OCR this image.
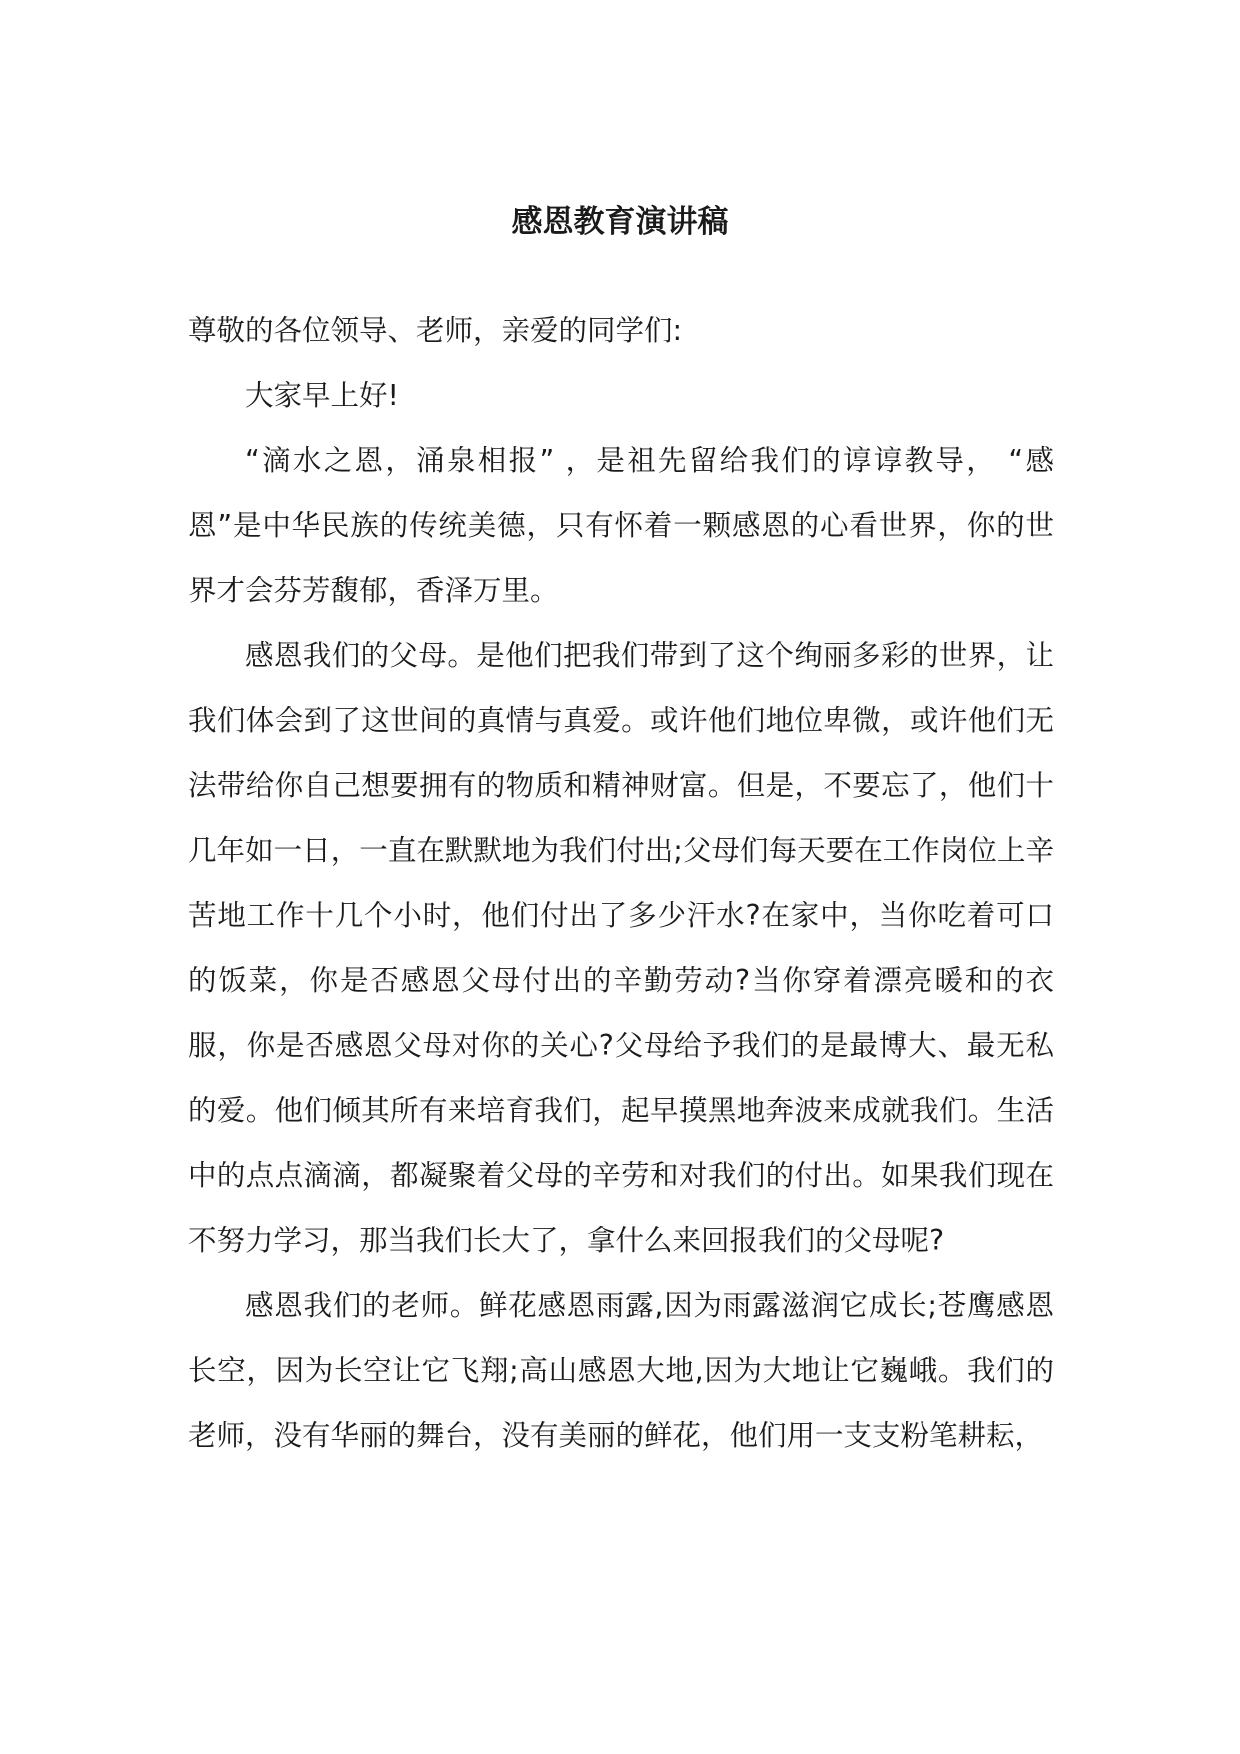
感恩教育演讲稿

尊敬的各位领导、老师，亲爱的同学们:

大家早上好!

“滴水之恩，涌泉相报” ，是祖先留给我们的谆谆教导， “感恩”是中华民族的传统美德，只有怀着一颗感恩的心看世界，你的世界才会芬芳馥郁，香泽万里。

感恩我们的父母。是他们把我们带到了这个绚丽多彩的世界，让我们体会到了这世间的真情与真爱。或许他们地位卑微，或许他们无法带给你自己想要拥有的物质和精神财富。但是，不要忘了，他们十几年如一日，一直在默默地为我们付出;父母们每天要在工作岗位上辛苦地工作十几个小时，他们付出了多少汗水?在家中，当你吃着可口的饭菜，你是否感恩父母付出的辛勤劳动?当你穿着漂亮暖和的衣服，你是否感恩父母对你的关心?父母给予我们的是最博大、最无私的爱。他们倾其所有来培育我们，起早摸黑地奔波来成就我们。生活中的点点滴滴，都凝聚着父母的辛劳和对我们的付出。如果我们现在不努力学习，那当我们长大了，拿什么来回报我们的父母呢?

感恩我们的老师。鲜花感恩雨露,因为雨露滋润它成长;苍鹰感恩长空，因为长空让它飞翔;高山感恩大地,因为大地让它巍峨。我们的老师，没有华丽的舞台，没有美丽的鲜花，他们用一支支粉笔耕耘，
